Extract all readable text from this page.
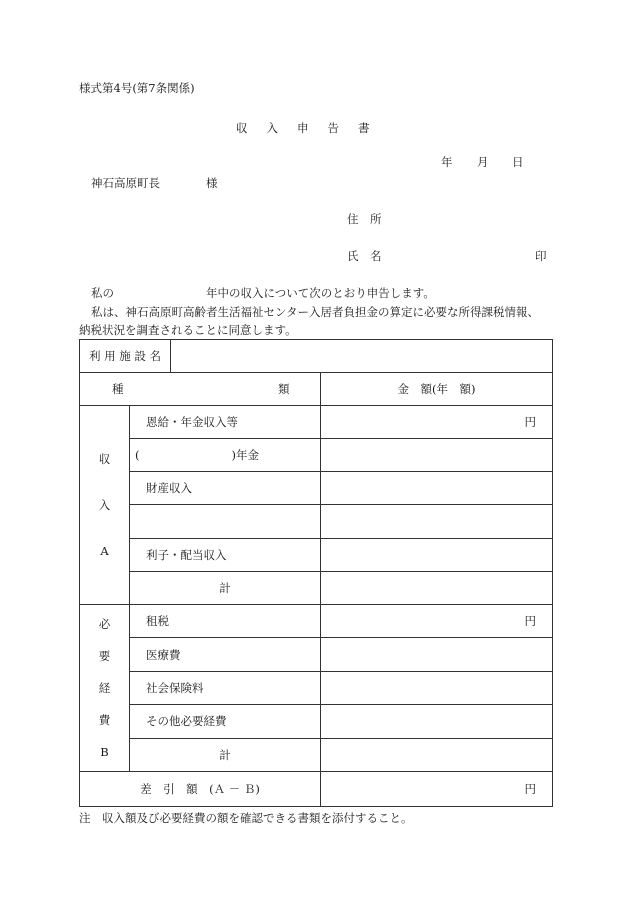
様式第4号(第7条関係)
収入申告書
年 月 日
神石高原町長	様
住　所
氏　名	印
私の	年中の収入について次のとおり申告します。
私は、神石高原町高齢者生活福祉センター入居者負担金の算定に必要な所得課税情報、
納税状況を調査されることに同意します。
利 用 施 設 名			

種 類			金　額(年　額)

収
入
A	恩給・年金収入等		円
	(　　　　　　　　)年金		
	財産収入		

	利子・配当収入		
	計		

必
要
経
費
B	租税		円
	医療費		
	社会保険料		
	その他必要経費		
	計		
差　引　額　(Ａ － Ｂ)			円
注　収入額及び必要経費の額を確認できる書類を添付すること。
